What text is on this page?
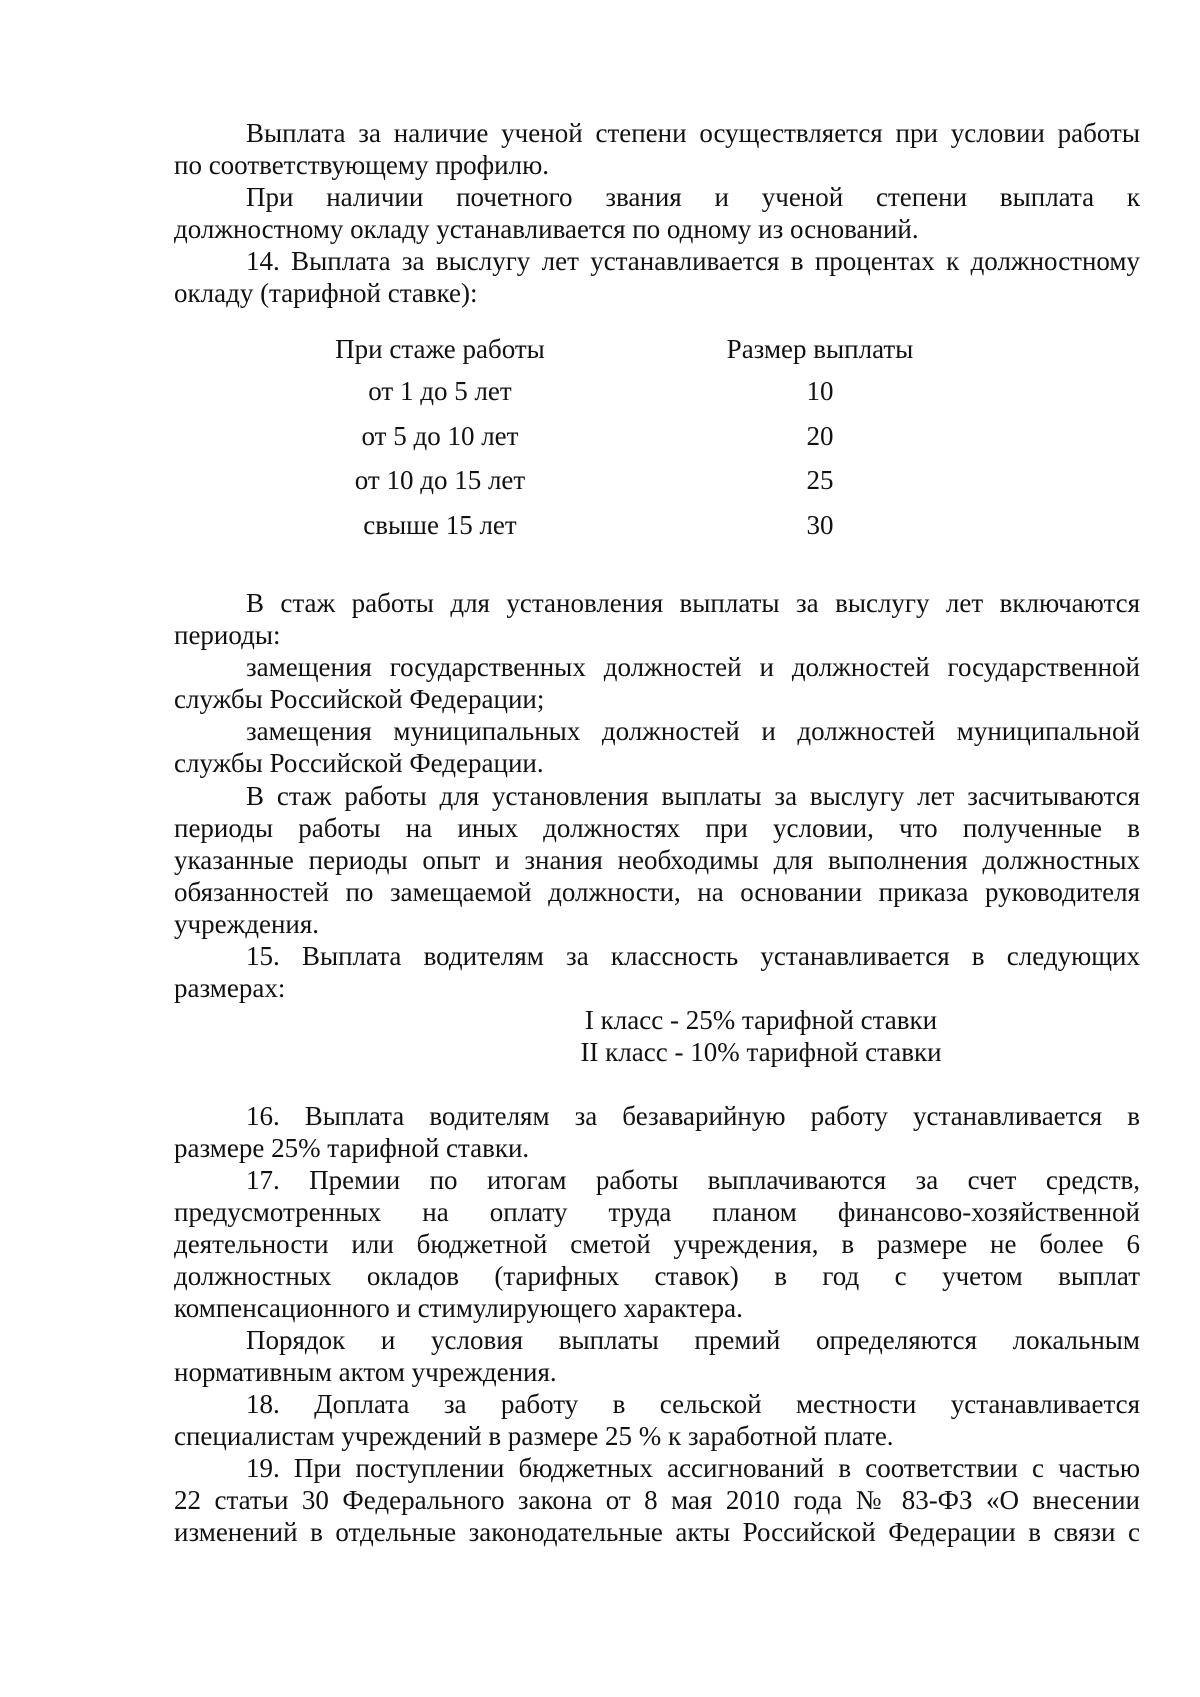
Выплата за наличие ученой степени осуществляется при условии работы
по соответствующему профилю.
При наличии почетного звания и ученой степени выплата к
должностному окладу устанавливается по одному из оснований.
14. Выплата за выслугу лет устанавливается в процентах к должностному
окладу (тарифной ставке):
При стаже работы	Размер выплаты
от 1 до 5 лет	10
от 5 до 10 лет	20
от 10 до 15 лет	25
свыше 15 лет	30
В стаж работы для установления выплаты за выслугу лет включаются
периоды:
замещения государственных должностей и должностей государственной
службы Российской Федерации;
замещения муниципальных должностей и должностей муниципальной
службы Российской Федерации.
В стаж работы для установления выплаты за выслугу лет засчитываются
периоды работы на иных должностях при условии, что полученные в
указанные периоды опыт и знания необходимы для выполнения должностных
обязанностей по замещаемой должности, на основании приказа руководителя
учреждения.
15. Выплата водителям за классность устанавливается в следующих
размерах:
I класс - 25% тарифной ставки
II класс - 10% тарифной ставки
16. Выплата водителям за безаварийную работу устанавливается в
размере 25% тарифной ставки.
17. Премии по итогам работы выплачиваются за счет средств,
предусмотренных на оплату труда планом финансово-хозяйственной
деятельности или бюджетной сметой учреждения, в размере не более 6
должностных окладов (тарифных ставок) в год с учетом выплат
компенсационного и стимулирующего характера.
Порядок и условия выплаты премий определяются локальным
нормативным актом учреждения.
18. Доплата за работу в сельской местности устанавливается
специалистам учреждений в размере 25 % к заработной плате.
19. При поступлении бюджетных ассигнований в соответствии с частью
22 статьи 30 Федерального закона от 8 мая 2010 года № 83-ФЗ «О внесении
изменений в отдельные законодательные акты Российской Федерации в связи с
